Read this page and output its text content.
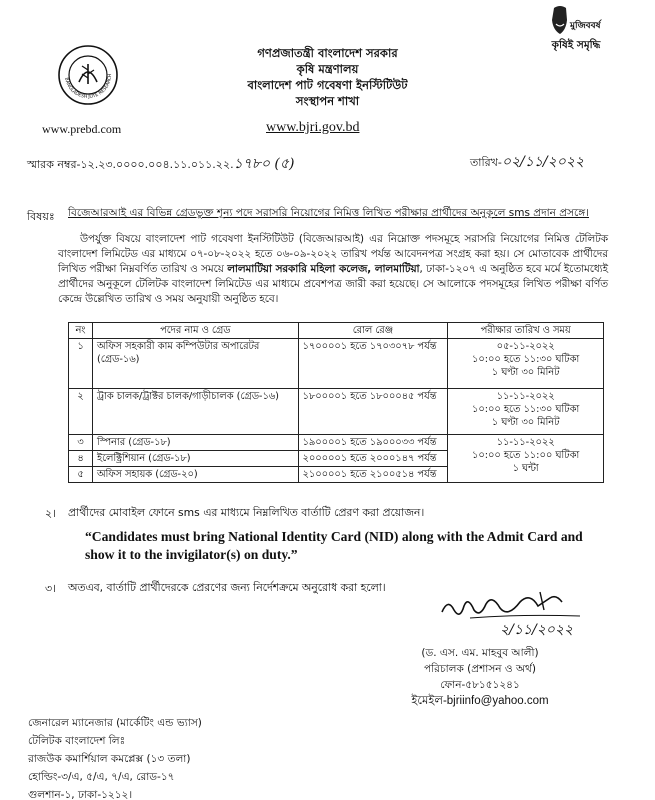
গণপ্রজাতন্ত্রী বাংলাদেশ সরকার
কৃষি মন্ত্রণালয়
বাংলাদেশ পাট গবেষণা ইনস্টিটিউট
সংস্থাপন শাখা
BANGLADESH JUTE RESEARCH
www.prebd.com	www.bjri.gov.bd
মুজিববর্ষ
কৃষিই সমৃদ্ধি
স্মারক নম্বর-১২.২৩.০০০০.০০৪.১১.০১১.২২.১৭৮০ (৫)	তারিখ-০২/১১/২০২২
বিষয়ঃ বিজেআরআই এর বিভিন্ন গ্রেডভুক্ত শূন্য পদে সরাসরি নিয়োগের নিমিত্ত লিখিত পরীক্ষার প্রার্থীদের অনুকূলে sms প্রদান প্রসঙ্গে।
উপর্যুক্ত বিষয়ে বাংলাদেশ পাট গবেষণা ইনস্টিটিউট (বিজেআরআই) এর নিম্নোক্ত পদসমূহে সরাসরি নিয়োগের নিমিত্ত টেলিটক বাংলাদেশ লিমিটেড এর মাধ্যমে ০৭-০৮-২০২২ হতে ০৬-০৯-২০২২ তারিখ পর্যন্ত আবেদনপত্র সংগ্রহ করা হয়। সে মোতাবেক প্রার্থীদের লিখিত পরীক্ষা নিম্নবর্ণিত তারিখ ও সময়ে লালমাটিয়া সরকারি মহিলা কলেজ, লালমাটিয়া, ঢাকা-১২০৭ এ অনুষ্ঠিত হবে মর্মে ইতোমধ্যেই প্রার্থীদের অনুকূলে টেলিটক বাংলাদেশ লিমিটেড এর মাধ্যমে প্রবেশপত্র জারী করা হয়েছে। সে আলোকে পদসমূহের লিখিত পরীক্ষা বর্ণিত কেন্দ্রে উল্লেখিত তারিখ ও সময় অনুযায়ী অনুষ্ঠিত হবে।
নং	পদের নাম ও গ্রেড	রোল রেঞ্জ	পরীক্ষার তারিখ ও সময়
১	অফিস সহকারী কাম কম্পিউটার অপারেটর (গ্রেড-১৬)	১৭০০০০১ হতে ১৭০৩০৭৮ পর্যন্ত	০৫-১১-২০২২
১০:০০ হতে ১১:৩০ ঘটিকা
১ ঘণ্টা ৩০ মিনিট

২	ট্রাক চালক/ট্রাক্টর চালক/গাড়ীচালক (গ্রেড-১৬)	১৮০০০০১ হতে ১৮০০০৪৫ পর্যন্ত	১১-১১-২০২২
১০:০০ হতে ১১:৩০ ঘটিকা
১ ঘণ্টা ৩০ মিনিট

৩	স্পিনার (গ্রেড-১৮)	১৯০০০০১ হতে ১৯০০০৩৩ পর্যন্ত	১১-১১-২০২২
১০:০০ হতে ১১:০০ ঘটিকা
১ ঘন্টা

৪	ইলেক্ট্রিশিয়ান (গ্রেড-১৮)	২০০০০০১ হতে ২০০০১৪৭ পর্যন্ত	
৫	অফিস সহায়ক (গ্রেড-২০)	২১০০০০১ হতে ২১০০৫১৪ পর্যন্ত	
২। প্রার্থীদের মোবাইল ফোনে sms এর মাধ্যমে নিম্নলিখিত বার্তাটি প্রেরণ করা প্রয়োজন।
“Candidates must bring National Identity Card (NID) along with the Admit Card and show it to the invigilator(s) on duty.”
৩। অতএব, বার্তাটি প্রার্থীদেরকে প্রেরণের জন্য নির্দেশক্রমে অনুরোধ করা হলো।
২/১১/২০২২
(ড. এস. এম. মাহবুব আলী)
পরিচালক (প্রশাসন ও অর্থ)
ফোন-৫৮১৫১২৪১
ইমেইল-bjriinfo@yahoo.com
জেনারেল ম্যানেজার (মার্কেটিং এন্ড ভ্যাস)
টেলিটক বাংলাদেশ লিঃ
রাজউক কমার্শিয়াল কমপ্লেক্স (১৩ তলা)
হোল্ডিং-৩/এ, ৫/এ, ৭/এ, রোড-১৭
গুলশান-১, ঢাকা-১২১২।
